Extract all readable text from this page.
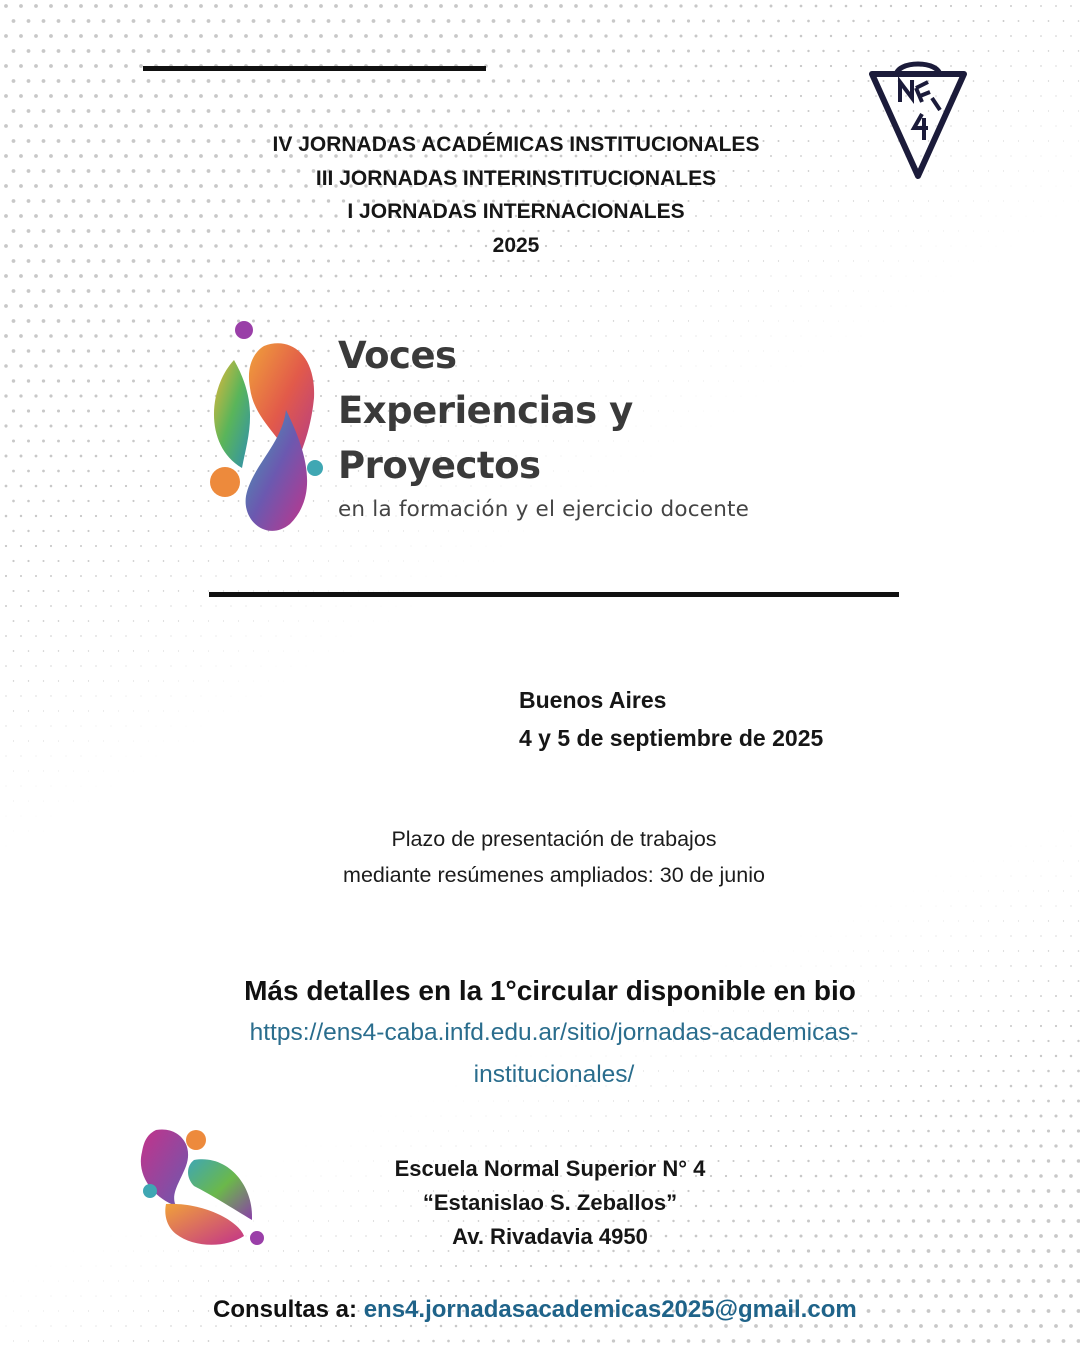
IV JORNADAS ACADÉMICAS INSTITUCIONALES
III JORNADAS INTERINSTITUCIONALES
I JORNADAS INTERNACIONALES
2025
Voces
Experiencias y
Proyectos
en la formación y el ejercicio docente
Buenos Aires
4 y 5 de septiembre de 2025
Plazo de presentación de trabajos
mediante resúmenes ampliados: 30 de junio
Más detalles en la 1°circular disponible en bio
https://ens4-caba.infd.edu.ar/sitio/jornadas-academicas-
institucionales/
Escuela Normal Superior N° 4
“Estanislao S. Zeballos”
Av. Rivadavia 4950
Consultas a: ens4.jornadasacademicas2025@gmail.com
